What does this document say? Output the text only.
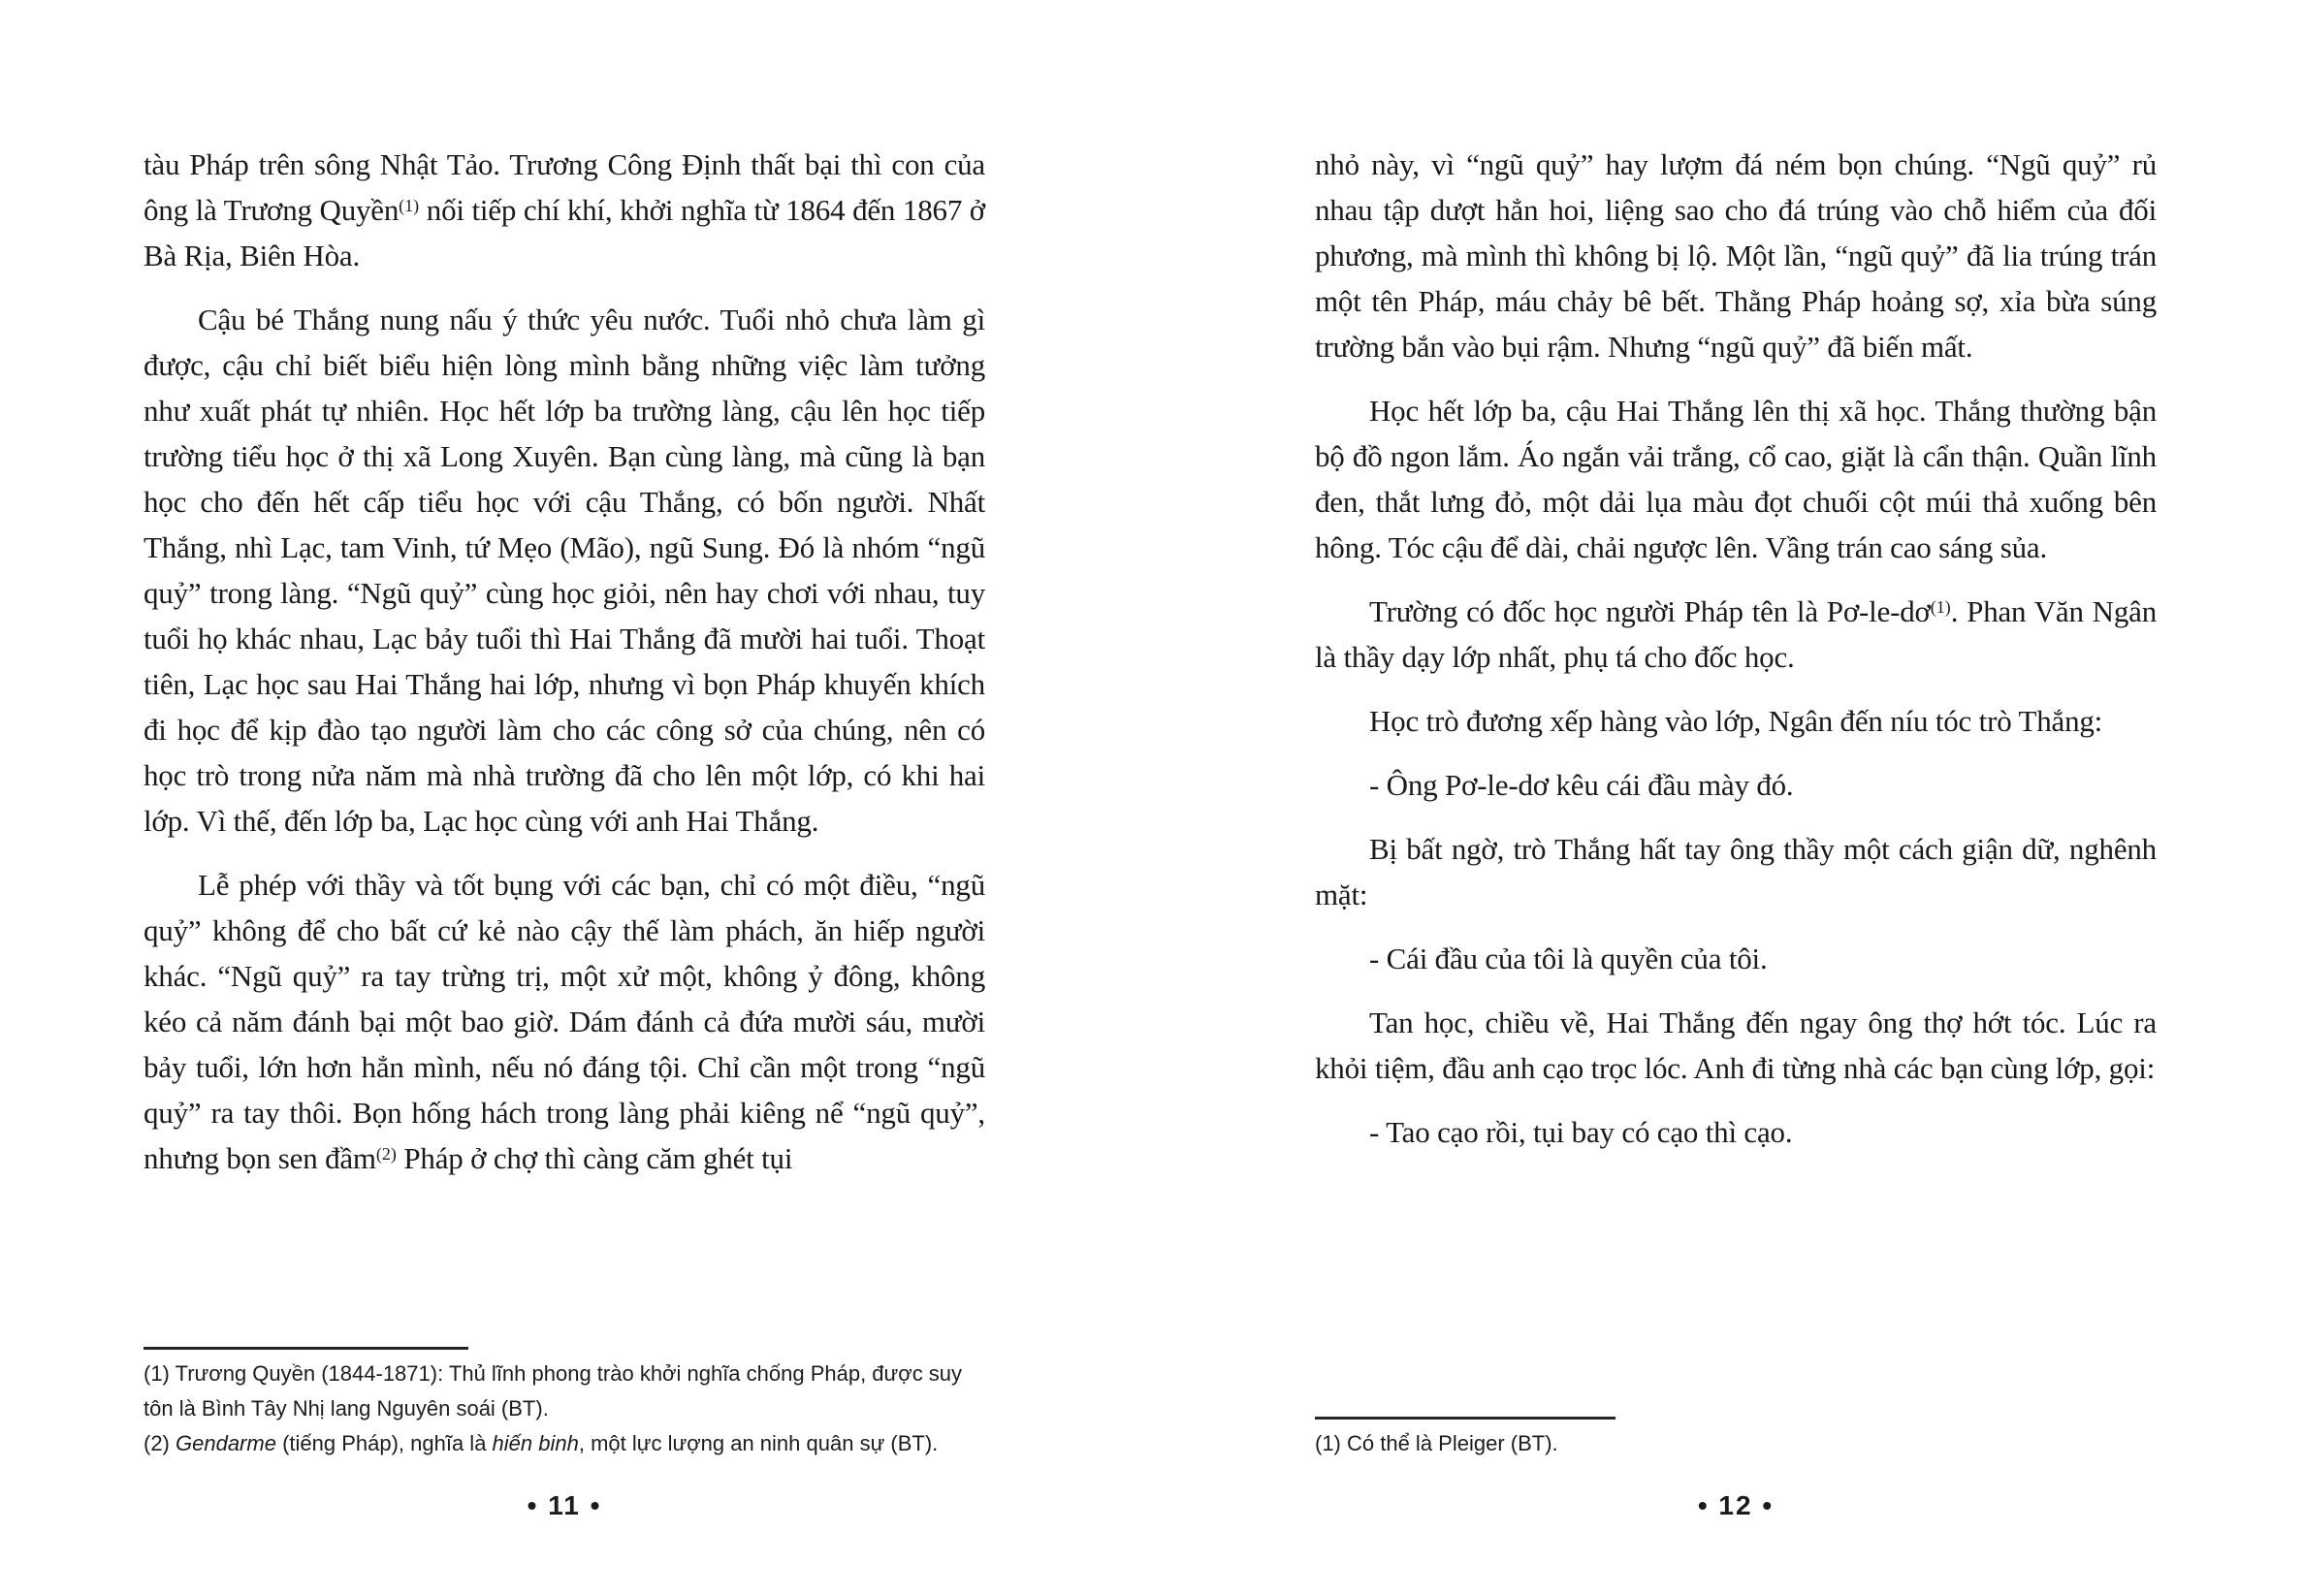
tàu Pháp trên sông Nhật Tảo. Trương Công Định thất bại thì con của ông là Trương Quyền$^{(1)}$ nối tiếp chí khí, khởi nghĩa từ 1864 đến 1867 ở Bà Rịa, Biên Hòa.

Cậu bé Thắng nung nấu ý thức yêu nước. Tuổi nhỏ chưa làm gì được, cậu chỉ biết biểu hiện lòng mình bằng những việc làm tưởng như xuất phát tự nhiên. Học hết lớp ba trường làng, cậu lên học tiếp trường tiểu học ở thị xã Long Xuyên. Bạn cùng làng, mà cũng là bạn học cho đến hết cấp tiểu học với cậu Thắng, có bốn người. Nhất Thắng, nhì Lạc, tam Vinh, tứ Mẹo (Mão), ngũ Sung. Đó là nhóm “ngũ quỷ” trong làng. “Ngũ quỷ” cùng học giỏi, nên hay chơi với nhau, tuy tuổi họ khác nhau, Lạc bảy tuổi thì Hai Thắng đã mười hai tuổi. Thoạt tiên, Lạc học sau Hai Thắng hai lớp, nhưng vì bọn Pháp khuyến khích đi học để kịp đào tạo người làm cho các công sở của chúng, nên có học trò trong nửa năm mà nhà trường đã cho lên một lớp, có khi hai lớp. Vì thế, đến lớp ba, Lạc học cùng với anh Hai Thắng.

Lễ phép với thầy và tốt bụng với các bạn, chỉ có một điều, “ngũ quỷ” không để cho bất cứ kẻ nào cậy thế làm phách, ăn hiếp người khác. “Ngũ quỷ” ra tay trừng trị, một xử một, không ỷ đông, không kéo cả năm đánh bại một bao giờ. Dám đánh cả đứa mười sáu, mười bảy tuổi, lớn hơn hẳn mình, nếu nó đáng tội. Chỉ cần một trong “ngũ quỷ” ra tay thôi. Bọn hống hách trong làng phải kiêng nể “ngũ quỷ”, nhưng bọn sen đầm$^{(2)}$ Pháp ở chợ thì càng căm ghét tụi

(1) Trương Quyền (1844-1871): Thủ lĩnh phong trào khởi nghĩa chống Pháp, được suy tôn là Bình Tây Nhị lang Nguyên soái (BT).
(2) Gendarme (tiếng Pháp), nghĩa là hiến binh, một lực lượng an ninh quân sự (BT).
• 11 •

nhỏ này, vì “ngũ quỷ” hay lượm đá ném bọn chúng. “Ngũ quỷ” rủ nhau tập dượt hẳn hoi, liệng sao cho đá trúng vào chỗ hiểm của đối phương, mà mình thì không bị lộ. Một lần, “ngũ quỷ” đã lia trúng trán một tên Pháp, máu chảy bê bết. Thằng Pháp hoảng sợ, xỉa bừa súng trường bắn vào bụi rậm. Nhưng “ngũ quỷ” đã biến mất.

Học hết lớp ba, cậu Hai Thắng lên thị xã học. Thắng thường bận bộ đồ ngon lắm. Áo ngắn vải trắng, cổ cao, giặt là cẩn thận. Quần lĩnh đen, thắt lưng đỏ, một dải lụa màu đọt chuối cột múi thả xuống bên hông. Tóc cậu để dài, chải ngược lên. Vầng trán cao sáng sủa.

Trường có đốc học người Pháp tên là $Pơ-le-dơ^{(1)}$. Phan Văn Ngân là thầy dạy lớp nhất, phụ tá cho đốc học.

Học trò đương xếp hàng vào lớp, Ngân đến níu tóc trò Thắng:

- Ông Pơ-le-dơ kêu cái đầu mày đó.

Bị bất ngờ, trò Thắng hất tay ông thầy một cách giận dữ, nghênh mặt:

- Cái đầu của tôi là quyền của tôi.

Tan học, chiều về, Hai Thắng đến ngay ông thợ hớt tóc. Lúc ra khỏi tiệm, đầu anh cạo trọc lóc. Anh đi từng nhà các bạn cùng lớp, gọi:

- Tao cạo rồi, tụi bay có cạo thì cạo.

(1) Có thể là Pleiger (BT).
• 12 •
